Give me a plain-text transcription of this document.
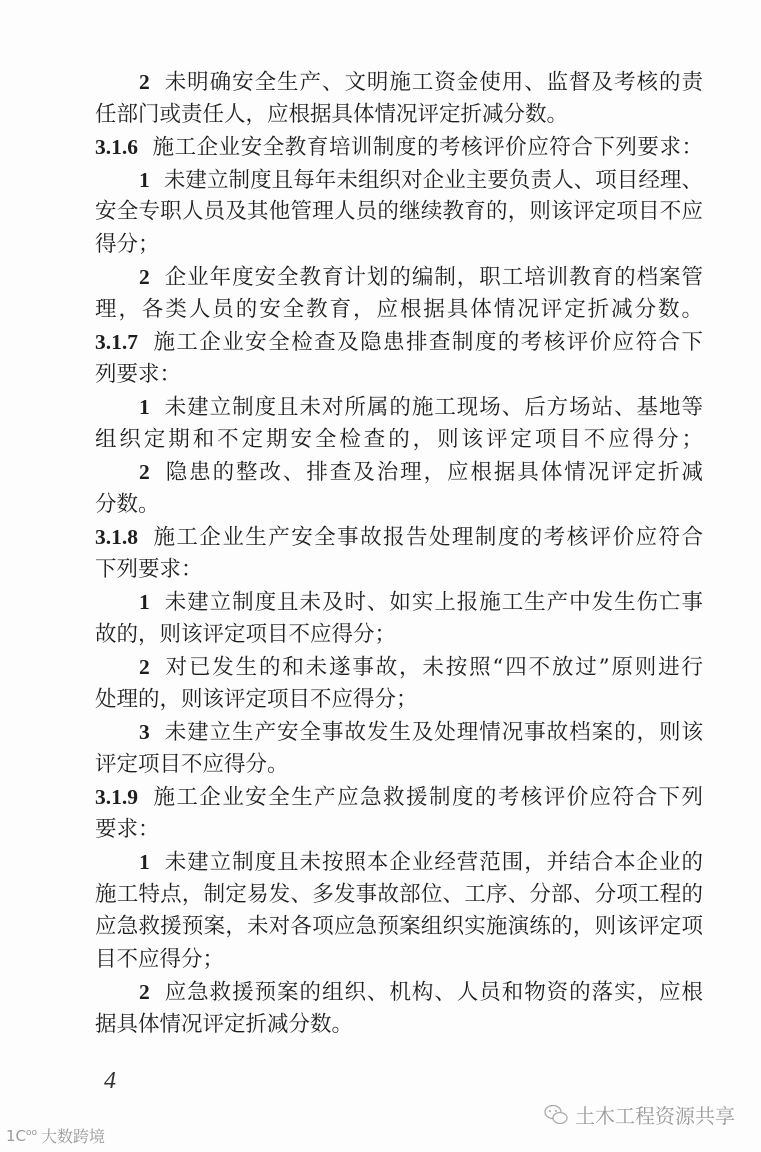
2 未明确安全生产、文明施工资金使用、监督及考核的责
任部门或责任人，应根据具体情况评定折减分数。
3.1.6 施工企业安全教育培训制度的考核评价应符合下列要求：
1 未建立制度且每年未组织对企业主要负责人、项目经理、
安全专职人员及其他管理人员的继续教育的，则该评定项目不应
得分；
2 企业年度安全教育计划的编制，职工培训教育的档案管
理，各类人员的安全教育，应根据具体情况评定折减分数。
3.1.7 施工企业安全检查及隐患排查制度的考核评价应符合下
列要求：
1 未建立制度且未对所属的施工现场、后方场站、基地等
组织定期和不定期安全检查的，则该评定项目不应得分；
2 隐患的整改、排查及治理，应根据具体情况评定折减
分数。
3.1.8 施工企业生产安全事故报告处理制度的考核评价应符合
下列要求：
1 未建立制度且未及时、如实上报施工生产中发生伤亡事
故的，则该评定项目不应得分；
2 对已发生的和未遂事故，未按照“四不放过”原则进行
处理的，则该评定项目不应得分；
3 未建立生产安全事故发生及处理情况事故档案的，则该
评定项目不应得分。
3.1.9 施工企业安全生产应急救援制度的考核评价应符合下列
要求：
1 未建立制度且未按照本企业经营范围，并结合本企业的
施工特点，制定易发、多发事故部位、工序、分部、分项工程的
应急救援预案，未对各项应急预案组织实施演练的，则该评定项
目不应得分；
2 应急救援预案的组织、机构、人员和物资的落实，应根
据具体情况评定折减分数。
4
土木工程资源共享
$1C^{oo}$ 大数跨境
